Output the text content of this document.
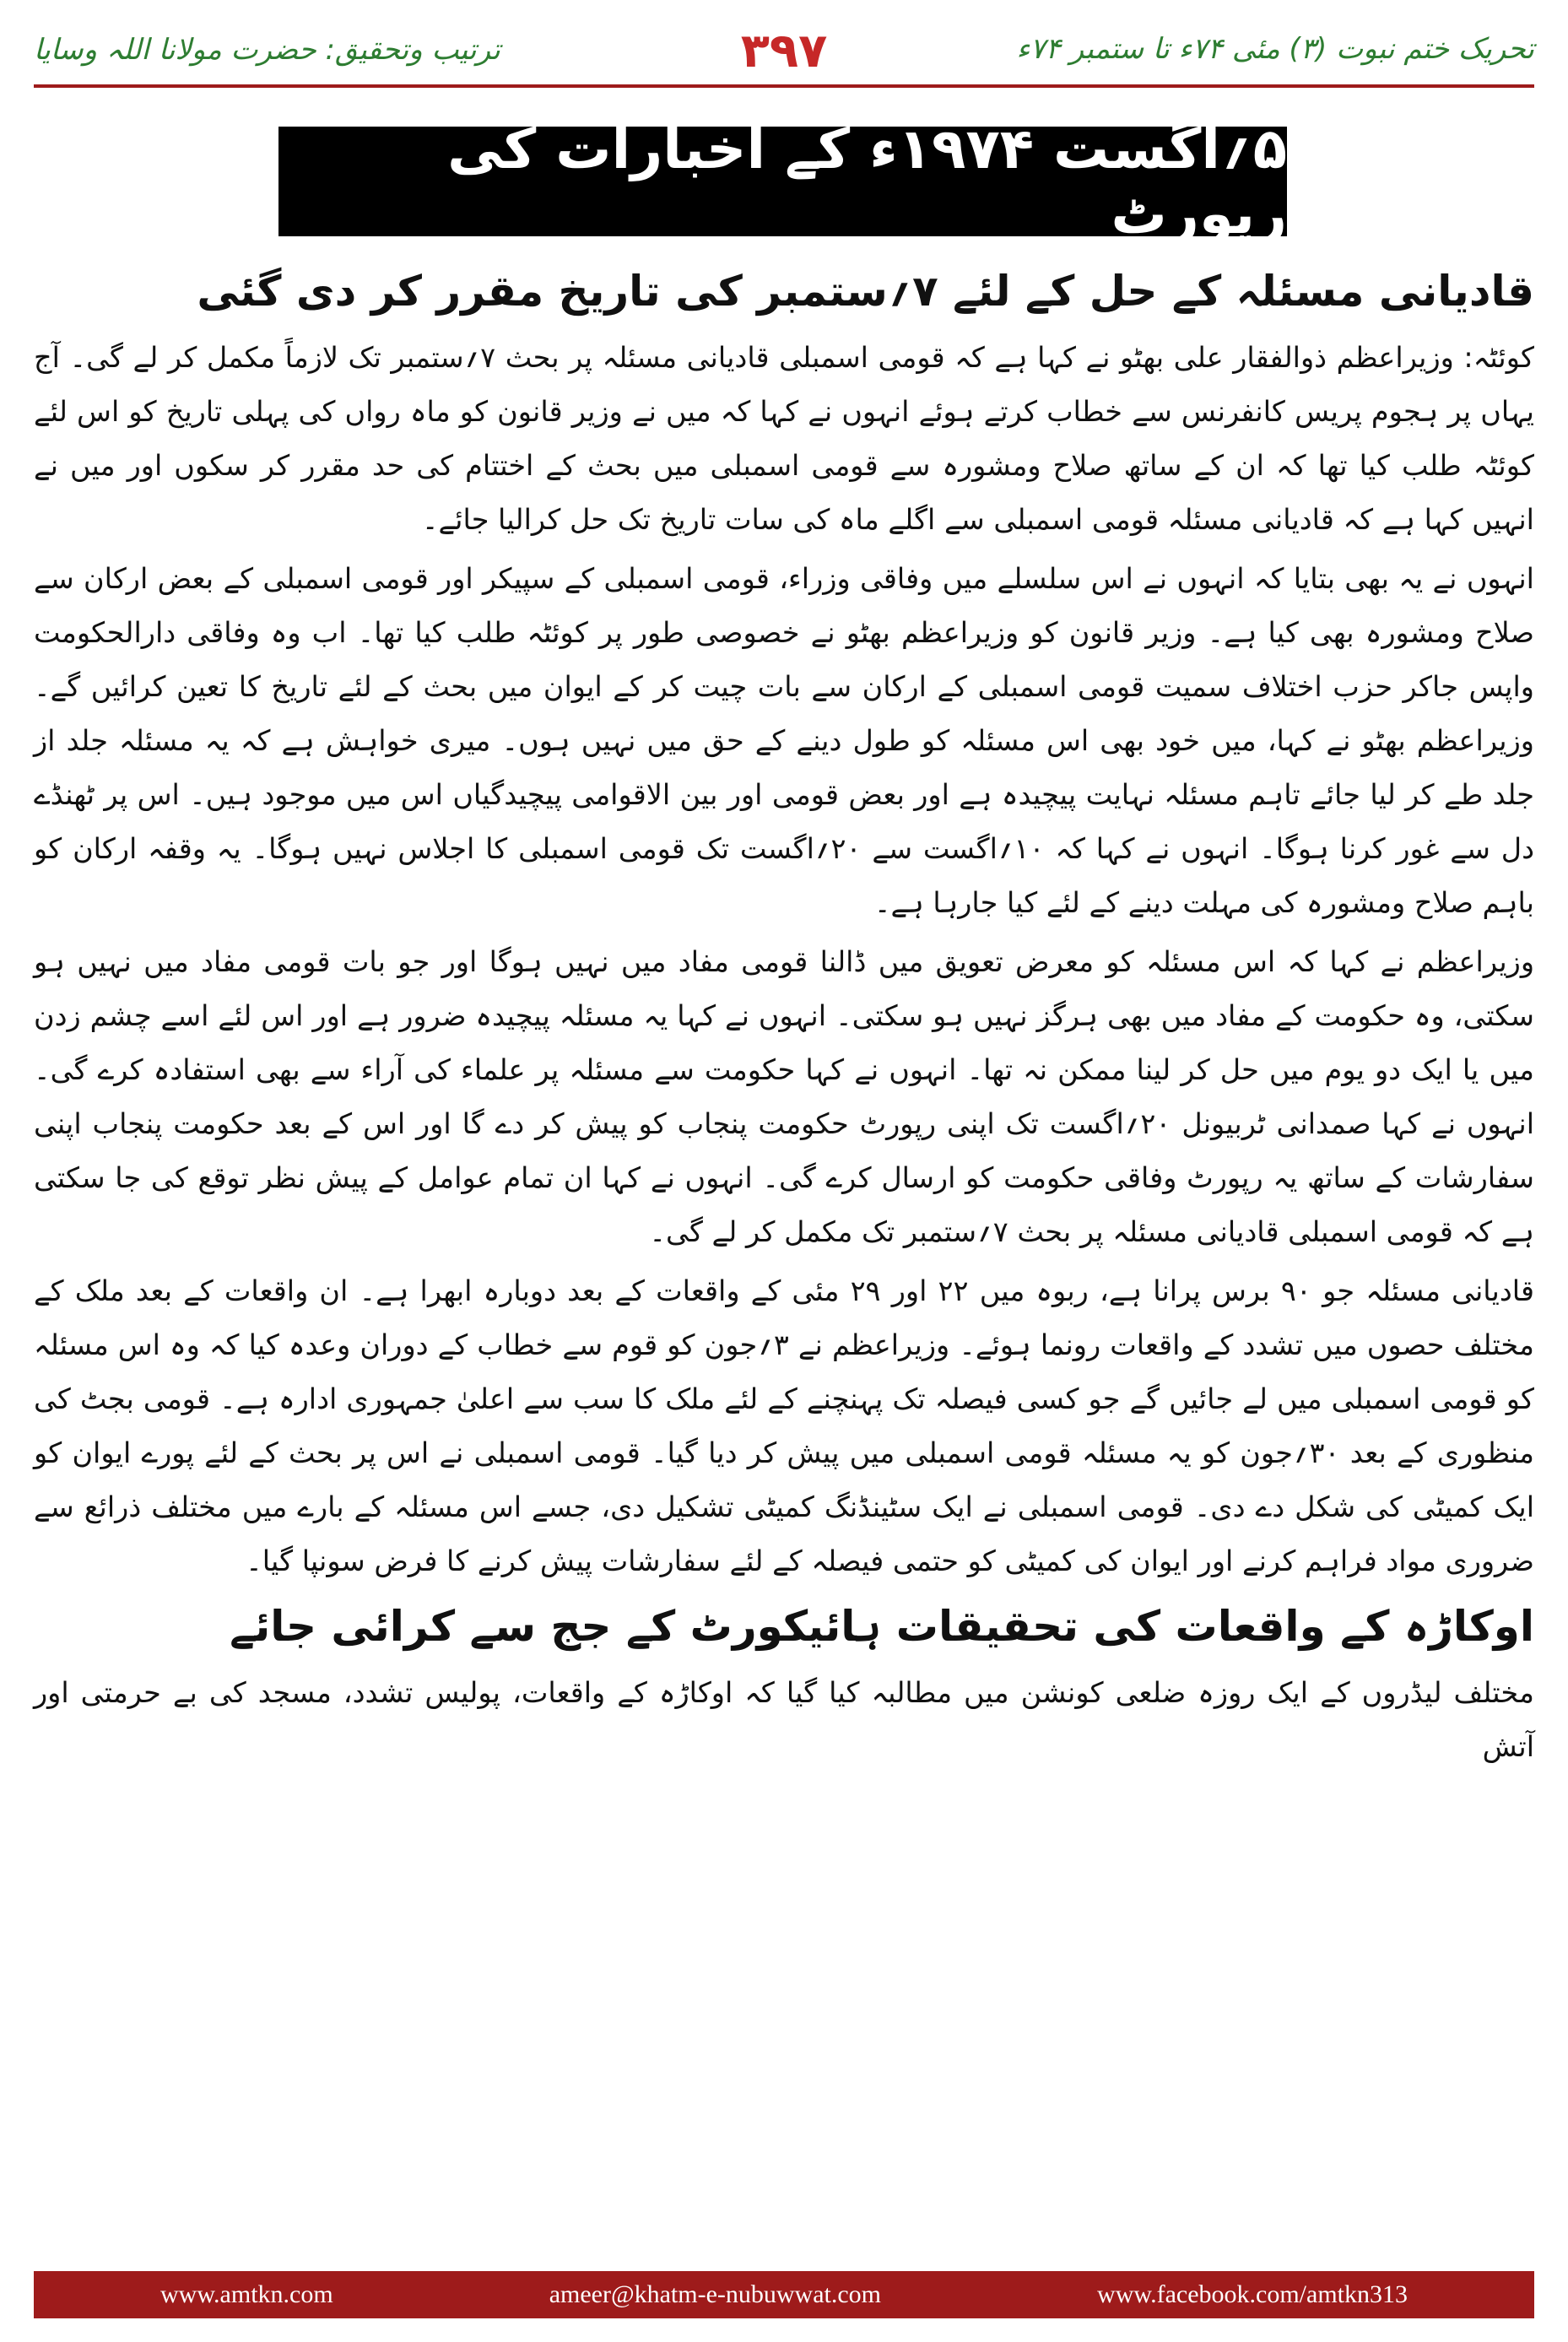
تحریک ختم نبوت (۳) مئی ۷۴ء تا ستمبر ۷۴ء
۳۹۷
ترتیب وتحقیق: حضرت مولانا اللہ وسایا
۵؍اگست ۱۹۷۴ء کے اخبارات کی رپورٹ
قادیانی مسئلہ کے حل کے لئے ۷؍ستمبر کی تاریخ مقرر کر دی گئی

کوئٹہ: وزیراعظم ذوالفقار علی بھٹو نے کہا ہے کہ قومی اسمبلی قادیانی مسئلہ پر بحث ۷؍ستمبر تک لازماً مکمل کر لے گی۔ آج یہاں پر ہجوم پریس کانفرنس سے خطاب کرتے ہوئے انہوں نے کہا کہ میں نے وزیر قانون کو ماہ رواں کی پہلی تاریخ کو اس لئے کوئٹہ طلب کیا تھا کہ ان کے ساتھ صلاح ومشورہ سے قومی اسمبلی میں بحث کے اختتام کی حد مقرر کر سکوں اور میں نے انہیں کہا ہے کہ قادیانی مسئلہ قومی اسمبلی سے اگلے ماہ کی سات تاریخ تک حل کرالیا جائے۔

انہوں نے یہ بھی بتایا کہ انہوں نے اس سلسلے میں وفاقی وزراء، قومی اسمبلی کے سپیکر اور قومی اسمبلی کے بعض ارکان سے صلاح ومشورہ بھی کیا ہے۔ وزیر قانون کو وزیراعظم بھٹو نے خصوصی طور پر کوئٹہ طلب کیا تھا۔ اب وہ وفاقی دارالحکومت واپس جاکر حزب اختلاف سمیت قومی اسمبلی کے ارکان سے بات چیت کر کے ایوان میں بحث کے لئے تاریخ کا تعین کرائیں گے۔ وزیراعظم بھٹو نے کہا، میں خود بھی اس مسئلہ کو طول دینے کے حق میں نہیں ہوں۔ میری خواہش ہے کہ یہ مسئلہ جلد از جلد طے کر لیا جائے تاہم مسئلہ نہایت پیچیدہ ہے اور بعض قومی اور بین الاقوامی پیچیدگیاں اس میں موجود ہیں۔ اس پر ٹھنڈے دل سے غور کرنا ہوگا۔ انہوں نے کہا کہ ۱۰؍اگست سے ۲۰؍اگست تک قومی اسمبلی کا اجلاس نہیں ہوگا۔ یہ وقفہ ارکان کو باہم صلاح ومشورہ کی مہلت دینے کے لئے کیا جارہا ہے۔

وزیراعظم نے کہا کہ اس مسئلہ کو معرض تعویق میں ڈالنا قومی مفاد میں نہیں ہوگا اور جو بات قومی مفاد میں نہیں ہو سکتی، وہ حکومت کے مفاد میں بھی ہرگز نہیں ہو سکتی۔ انہوں نے کہا یہ مسئلہ پیچیدہ ضرور ہے اور اس لئے اسے چشم زدن میں یا ایک دو یوم میں حل کر لینا ممکن نہ تھا۔ انہوں نے کہا حکومت سے مسئلہ پر علماء کی آراء سے بھی استفادہ کرے گی۔ انہوں نے کہا صمدانی ٹربیونل ۲۰؍اگست تک اپنی رپورٹ حکومت پنجاب کو پیش کر دے گا اور اس کے بعد حکومت پنجاب اپنی سفارشات کے ساتھ یہ رپورٹ وفاقی حکومت کو ارسال کرے گی۔ انہوں نے کہا ان تمام عوامل کے پیش نظر توقع کی جا سکتی ہے کہ قومی اسمبلی قادیانی مسئلہ پر بحث ۷؍ستمبر تک مکمل کر لے گی۔

قادیانی مسئلہ جو ۹۰ برس پرانا ہے، ربوہ میں ۲۲ اور ۲۹ مئی کے واقعات کے بعد دوبارہ ابھرا ہے۔ ان واقعات کے بعد ملک کے مختلف حصوں میں تشدد کے واقعات رونما ہوئے۔ وزیراعظم نے ۳؍جون کو قوم سے خطاب کے دوران وعدہ کیا کہ وہ اس مسئلہ کو قومی اسمبلی میں لے جائیں گے جو کسی فیصلہ تک پہنچنے کے لئے ملک کا سب سے اعلیٰ جمہوری ادارہ ہے۔ قومی بجٹ کی منظوری کے بعد ۳۰؍جون کو یہ مسئلہ قومی اسمبلی میں پیش کر دیا گیا۔ قومی اسمبلی نے اس پر بحث کے لئے پورے ایوان کو ایک کمیٹی کی شکل دے دی۔ قومی اسمبلی نے ایک سٹینڈنگ کمیٹی تشکیل دی، جسے اس مسئلہ کے بارے میں مختلف ذرائع سے ضروری مواد فراہم کرنے اور ایوان کی کمیٹی کو حتمی فیصلہ کے لئے سفارشات پیش کرنے کا فرض سونپا گیا۔

اوکاڑہ کے واقعات کی تحقیقات ہائیکورٹ کے جج سے کرائی جائے

مختلف لیڈروں کے ایک روزہ ضلعی کونشن میں مطالبہ کیا گیا کہ اوکاڑہ کے واقعات، پولیس تشدد، مسجد کی بے حرمتی اور آتش

www.amtkn.com	ameer@khatm-e-nubuwwat.com	www.facebook.com/amtkn313
